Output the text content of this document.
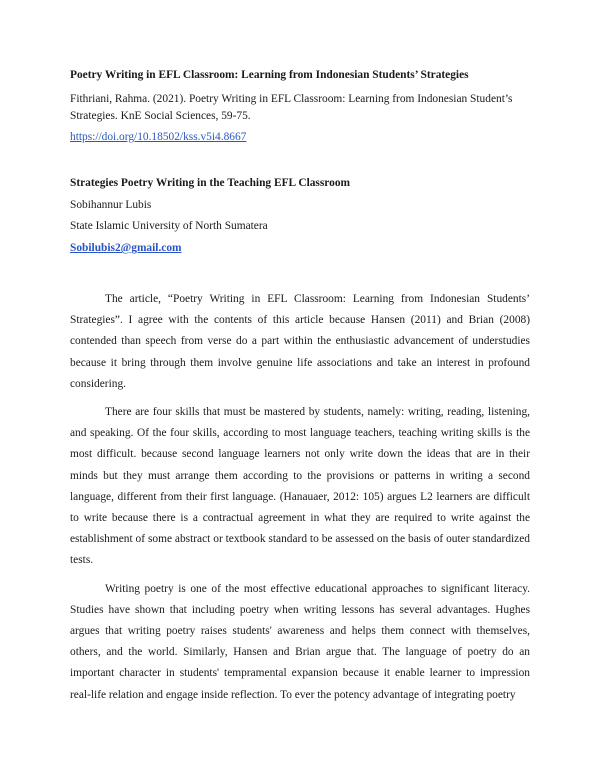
Poetry Writing in EFL Classroom: Learning from Indonesian Students’ Strategies
Fithriani, Rahma. (2021). Poetry Writing in EFL Classroom: Learning from Indonesian Student’s
Strategies. KnE Social Sciences, 59-75.
https://doi.org/10.18502/kss.v5i4.8667
Strategies Poetry Writing in the Teaching EFL Classroom
Sobihannur Lubis
State Islamic University of North Sumatera
Sobilubis2@gmail.com

The article, “Poetry Writing in EFL Classroom: Learning from Indonesian Students’ Strategies”. I agree with the contents of this article because Hansen (2011) and Brian (2008) contended than speech from verse do a part within the enthusiastic advancement of understudies because it bring through them involve genuine life associations and take an interest in profound considering.

There are four skills that must be mastered by students, namely: writing, reading, listening, and speaking. Of the four skills, according to most language teachers, teaching writing skills is the most difficult. because second language learners not only write down the ideas that are in their minds but they must arrange them according to the provisions or patterns in writing a second language, different from their first language. (Hanauaer, 2012: 105) argues L2 learners are difficult to write because there is a contractual agreement in what they are required to write against the establishment of some abstract or textbook standard to be assessed on the basis of outer standardized tests.

Writing poetry is one of the most effective educational approaches to significant literacy. Studies have shown that including poetry when writing lessons has several advantages. Hughes argues that writing poetry raises students' awareness and helps them connect with themselves, others, and the world. Similarly, Hansen and Brian argue that. The language of poetry do an important character in students' tempramental expansion because it enable learner to impression real-life relation and engage inside reflection. To ever the potency advantage of integrating poetry
